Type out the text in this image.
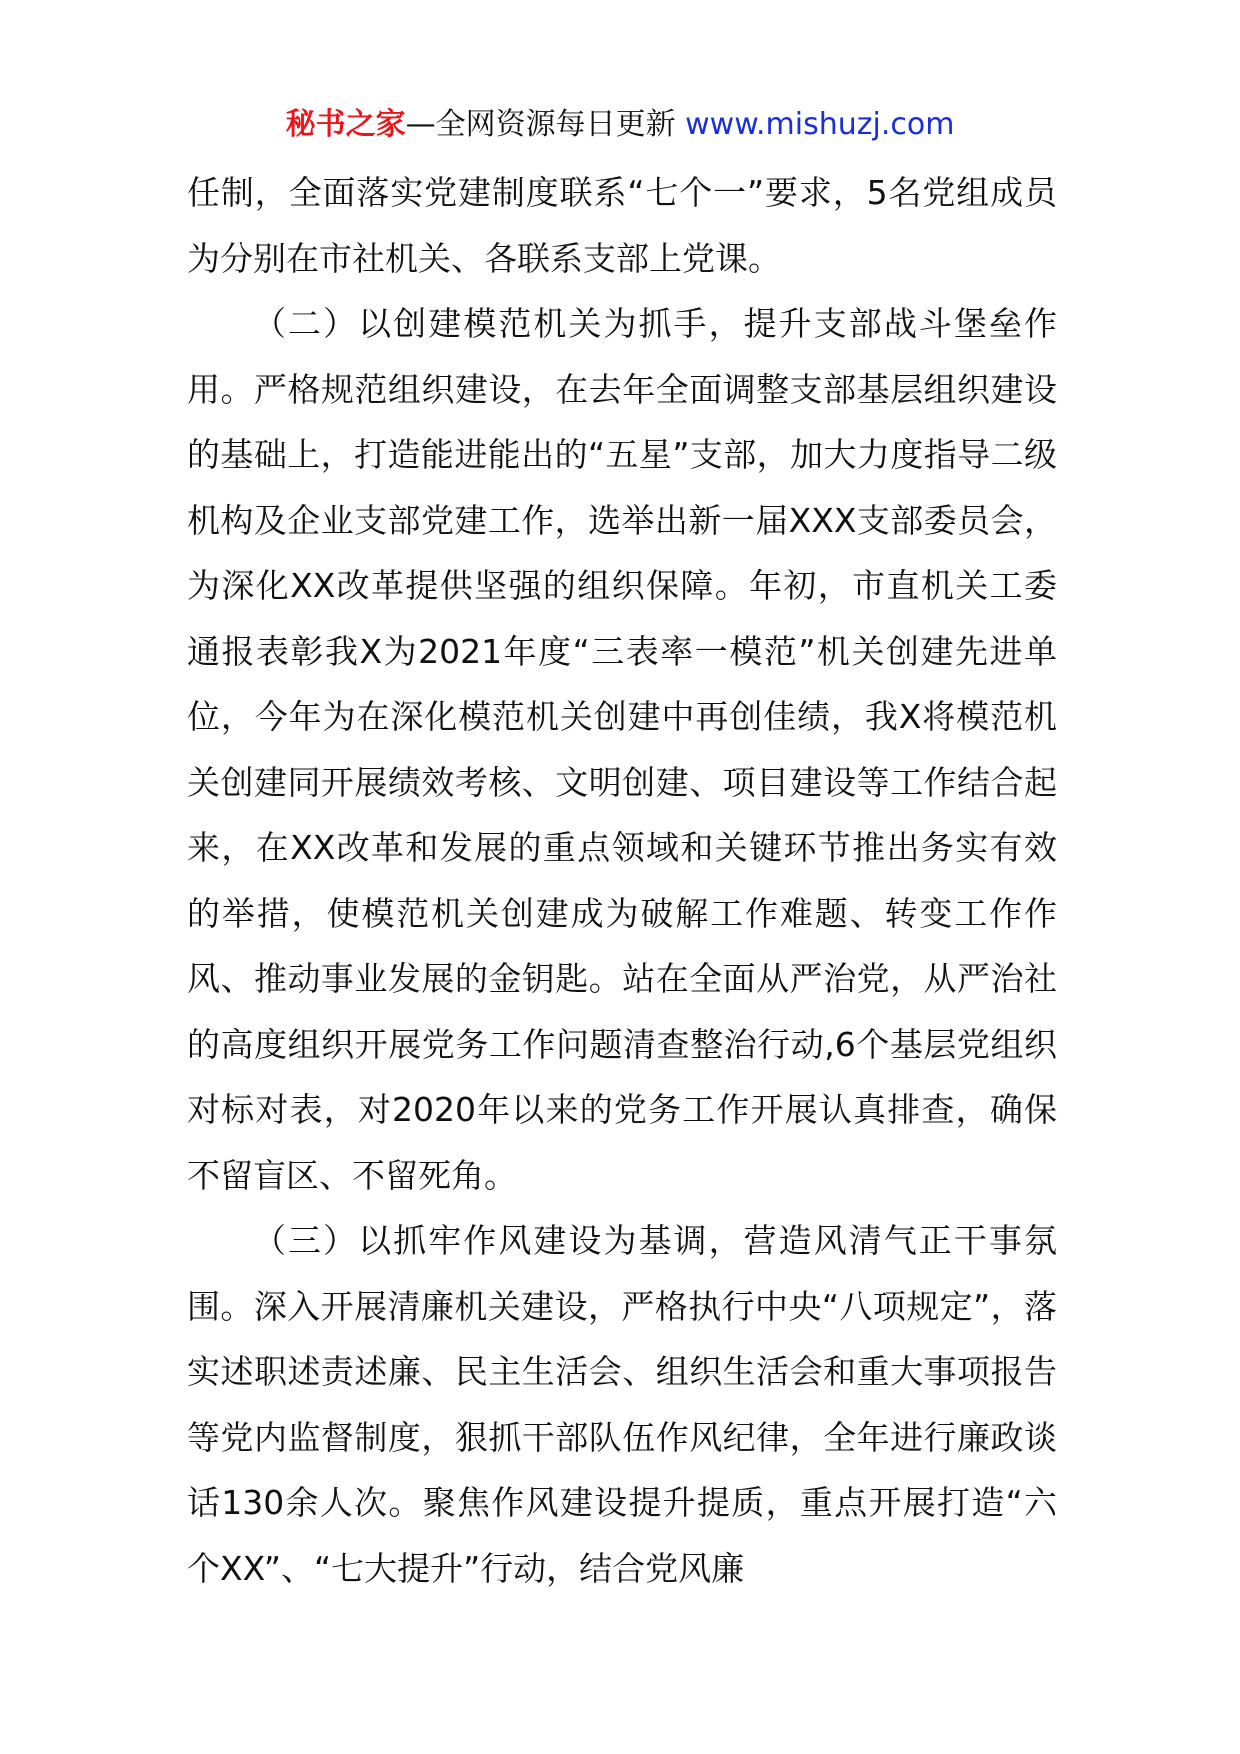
秘书之家—全网资源每日更新 www.mishuzj.com

任制，全面落实党建制度联系“七个一”要求，5名党组成员为分别在市社机关、各联系支部上党课。

（二）以创建模范机关为抓手，提升支部战斗堡垒作用。严格规范组织建设，在去年全面调整支部基层组织建设的基础上，打造能进能出的“五星”支部，加大力度指导二级机构及企业支部党建工作，选举出新一届XXX支部委员会，为深化XX改革提供坚强的组织保障。年初，市直机关工委通报表彰我X为2021年度“三表率一模范”机关创建先进单位，今年为在深化模范机关创建中再创佳绩，我X将模范机关创建同开展绩效考核、文明创建、项目建设等工作结合起来，在XX改革和发展的重点领域和关键环节推出务实有效的举措，使模范机关创建成为破解工作难题、转变工作作风、推动事业发展的金钥匙。站在全面从严治党，从严治社的高度组织开展党务工作问题清查整治行动,6个基层党组织对标对表，对2020年以来的党务工作开展认真排查，确保不留盲区、不留死角。

（三）以抓牢作风建设为基调，营造风清气正干事氛围。深入开展清廉机关建设，严格执行中央“八项规定”，落实述职述责述廉、民主生活会、组织生活会和重大事项报告等党内监督制度，狠抓干部队伍作风纪律，全年进行廉政谈话130余人次。聚焦作风建设提升提质，重点开展打造“六个XX”、“七大提升”行动，结合党风廉
